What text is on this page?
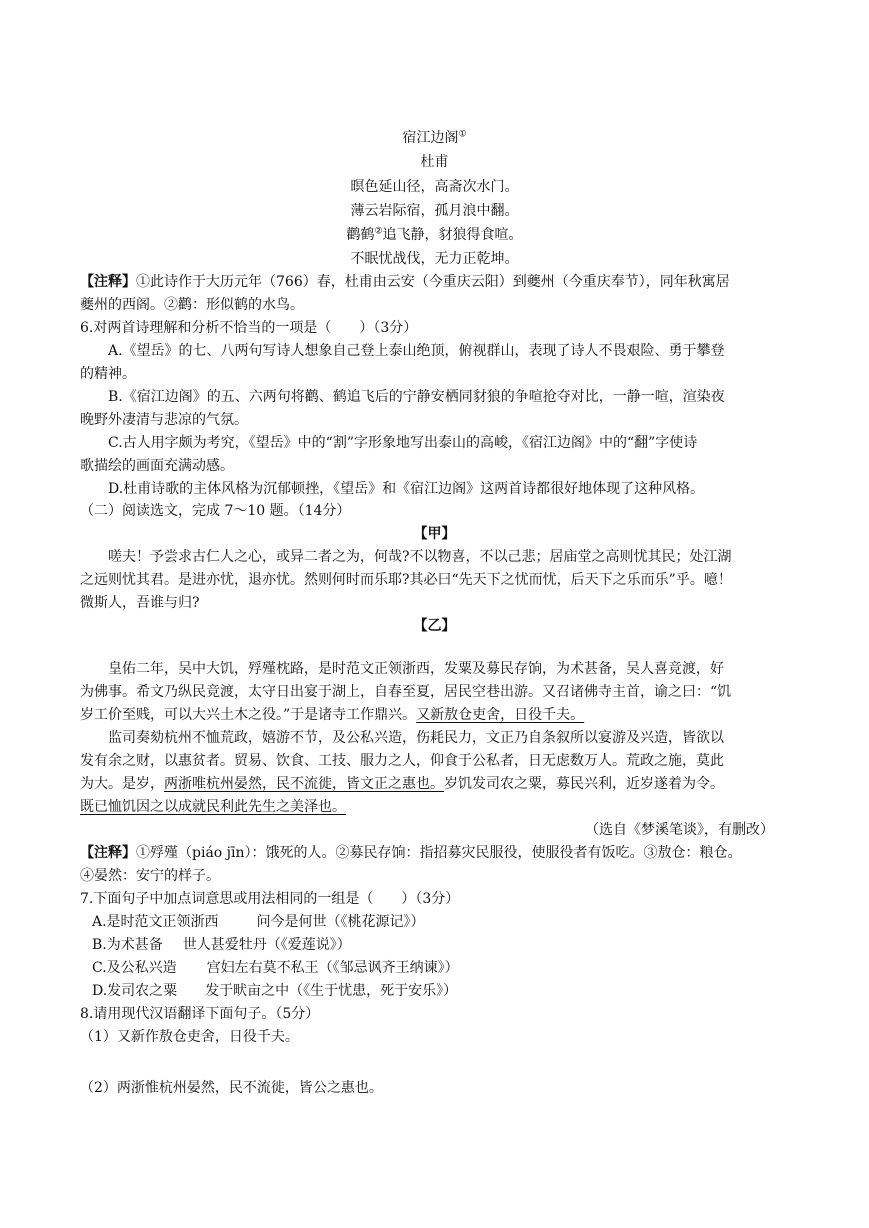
宿江边阁①
杜甫
暝色延山径，高斋次水门。
薄云岩际宿，孤月浪中翻。
鹳鹤②追飞静，豺狼得食喧。
不眠忧战伐，无力正乾坤。
【注释】①此诗作于大历元年（766）春，杜甫由云安（今重庆云阳）到夔州（今重庆奉节），同年秋寓居
夔州的西阁。②鹳：形似鹤的水鸟。
6.对两首诗理解和分析不恰当的一项是（　　）（3分）
A.《望岳》的七、八两句写诗人想象自己登上泰山绝顶，俯视群山，表现了诗人不畏艰险、勇于攀登
的精神。
B.《宿江边阁》的五、六两句将鹳、鹤追飞后的宁静安栖同豺狼的争喧抢夺对比，一静一喧，渲染夜
晚野外凄清与悲凉的气氛。
C.古人用字颇为考究，《望岳》中的“割”字形象地写出泰山的高峻，《宿江边阁》中的“翻”字使诗
歌描绘的画面充满动感。
D.杜甫诗歌的主体风格为沉郁顿挫，《望岳》和《宿江边阁》这两首诗都很好地体现了这种风格。
（二）阅读选文，完成 7～10 题。（14分）
【甲】
嗟夫！予尝求古仁人之心，或异二者之为，何哉?不以物喜，不以己悲；居庙堂之高则忧其民；处江湖
之远则忧其君。是进亦忧，退亦忧。然则何时而乐耶?其必曰“先天下之忧而忧，后天下之乐而乐”乎。噫！
微斯人，吾谁与归?
【乙】
皇佑二年，吴中大饥，殍殣枕路，是时范文正领浙西，发粟及募民存饷，为术甚备，吴人喜竞渡，好
为佛事。希文乃纵民竞渡，太守日出宴于湖上，自春至夏，居民空巷出游。又召诸佛寺主首，谕之曰：“饥
岁工价至贱，可以大兴土木之役。”于是诸寺工作鼎兴。又新敖仓吏舍，日役千夫。
监司奏劾杭州不恤荒政，嬉游不节，及公私兴造，伤耗民力，文正乃自条叙所以宴游及兴造，皆欲以
发有余之财，以惠贫者。贸易、饮食、工技、服力之人，仰食于公私者，日无虑数万人。荒政之施，莫此
为大。是岁，两浙唯杭州晏然，民不流徙，皆文正之惠也。岁饥发司农之粟，募民兴利，近岁遂着为令。
既已恤饥因之以成就民利此先生之美泽也。
（选自《梦溪笔谈》，有删改）
【注释】①殍殣（piáo jīn）：饿死的人。②募民存饷：指招募灾民服役，使服役者有饭吃。③敖仓：粮仓。
④晏然：安宁的样子。
7.下面句子中加点词意思或用法相同的一组是（　　）（3分）
A.是时范文正领浙西	问今是何世（《桃花源记》）
B.为术甚备 世人甚爱牡丹（《爱莲说》）
C.及公私兴造 宫妇左右莫不私王（《邹忌讽齐王纳谏》）
D.发司农之粟 发于畎亩之中（《生于忧患，死于安乐》）
8.请用现代汉语翻译下面句子。（5分）
（1）又新作敖仓吏舍，日役千夫。
（2）两浙惟杭州晏然，民不流徙，皆公之惠也。
